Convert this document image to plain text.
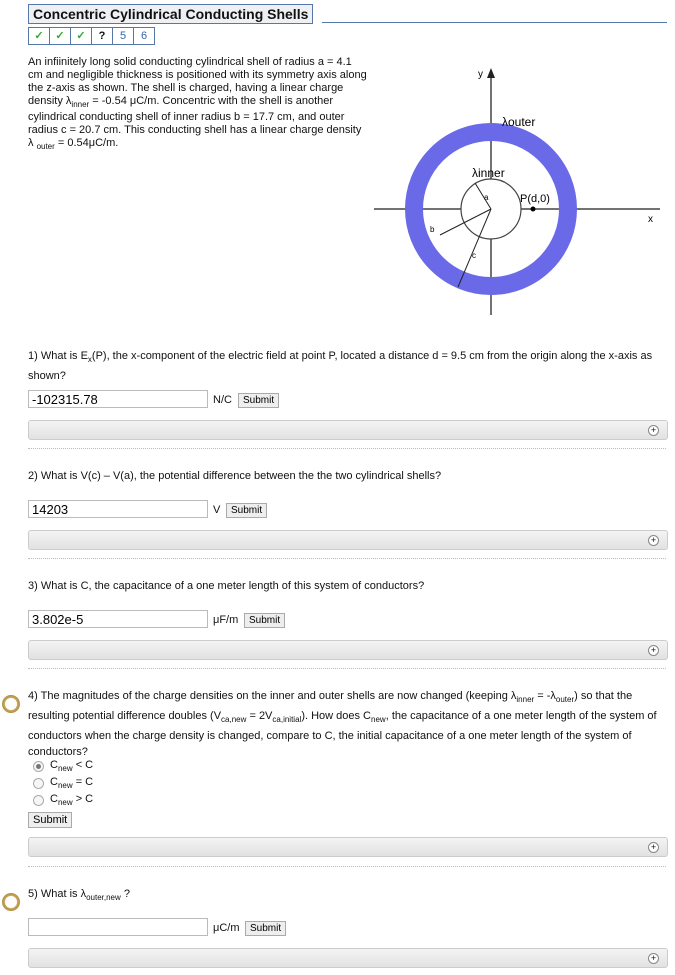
Concentric Cylindrical Conducting Shells
✓	✓	✓	?	5	6
An infiinitely long solid conducting cylindrical shell of radius a = 4.1 cm and negligible thickness is positioned with its symmetry axis along the z-axis as shown. The shell is charged, having a linear charge density $\lambda_{inner} = -0.54$ μC/m. Concentric with the shell is another cylindrical conducting shell of inner radius b = 17.7 cm, and outer radius c = 20.7 cm. This conducting shell has a linear charge density λ $_{outer}$ = 0.54μC/m.
y
x
λouter
λinner
a
b
c
P(d,0)
1) What is $E_x(P)$, the x-component of the electric field at point P, located a distance d = 9.5 cm from the origin along the x-axis as shown?
-102315.78
N/C	Submit
+
2) What is V(c) – V(a), the potential difference between the the two cylindrical shells?
14203
V	Submit
+
3) What is C, the capacitance of a one meter length of this system of conductors?
3.802e-5
μF/m	Submit
+
4) The magnitudes of the charge densities on the inner and outer shells are now changed (keeping $\lambda_{inner} = -\lambda_{outer}$) so that the resulting potential difference doubles $(V_{ca,new} = 2V_{ca,initial})$. How does $C_{new}$, the capacitance of a one meter length of the system of conductors when the charge density is changed, compare to C, the initial capacitance of a one meter length of the system of conductors?
$C_{new} < C$
$C_{new} = C$
$C_{new} > C$
Submit
+
5) What is $\lambda_{outer,new}$ ?
μC/m	Submit
+
